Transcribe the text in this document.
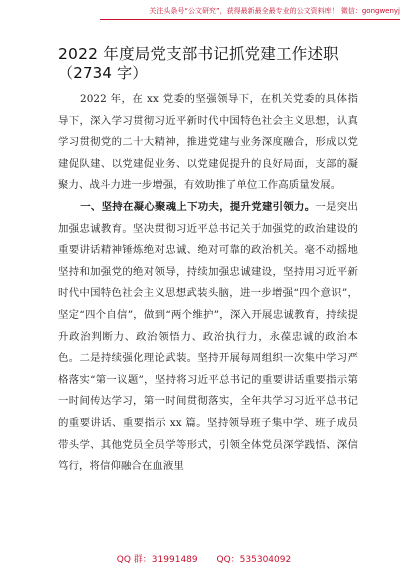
关注头条号“公文研究”，获得最新最全最专业的公文资料库！ 微信：gongwenyj
2022 年度局党支部书记抓党建工作述职
（2734 字）

2022 年，在 xx 党委的坚强领导下，在机关党委的具体指导下，深入学习贯彻习近平新时代中国特色社会主义思想，认真学习贯彻党的二十大精神，推进党建与业务深度融合，形成以党建促队建、以党建促业务、以党建促提升的良好局面，支部的凝聚力、战斗力进一步增强，有效助推了单位工作高质量发展。

一、坚持在凝心聚魂上下功夫，提升党建引领力。一是突出加强忠诚教育。坚决贯彻习近平总书记关于加强党的政治建设的重要讲话精神锤炼绝对忠诚、绝对可靠的政治机关。毫不动摇地坚持和加强党的绝对领导，持续加强忠诚建设，坚持用习近平新时代中国特色社会主义思想武装头脑，进一步增强“四个意识”，坚定“四个自信”，做到“两个维护”，深入开展忠诚教育，持续提升政治判断力、政治领悟力、政治执行力，永葆忠诚的政治本色。二是持续强化理论武装。坚持开展每周组织一次集中学习严格落实“第一议题”，坚持将习近平总书记的重要讲话重要指示第一时间传达学习，第一时间贯彻落实，全年共学习习近平总书记的重要讲话、重要指示 xx 篇。坚持领导班子集中学、班子成员带头学、其他党员全员学等形式，引领全体党员深学践悟、深信笃行，将信仰融合在血液里

QQ 群：31991489 QQ：535304092
